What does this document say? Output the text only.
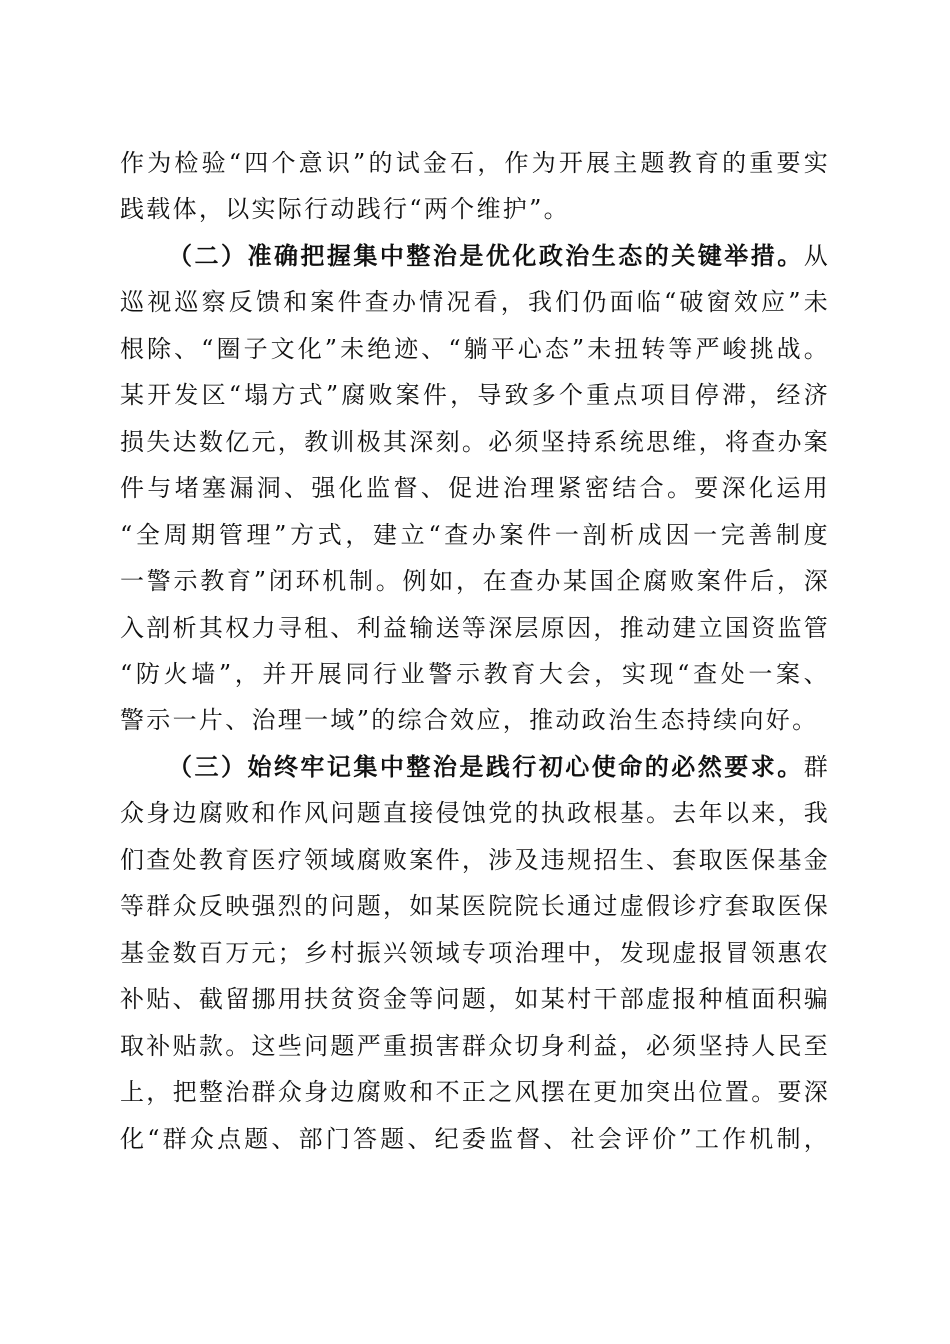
作为检验“四个意识”的试金石，作为开展主题教育的重要实
践载体，以实际行动践行“两个维护”。
（二）准确把握集中整治是优化政治生态的关键举措。从
巡视巡察反馈和案件查办情况看，我们仍面临“破窗效应”未
根除、“圈子文化”未绝迹、“躺平心态”未扭转等严峻挑战。
某开发区“塌方式”腐败案件，导致多个重点项目停滞，经济
损失达数亿元，教训极其深刻。必须坚持系统思维，将查办案
件与堵塞漏洞、强化监督、促进治理紧密结合。要深化运用
“全周期管理”方式，建立“查办案件一剖析成因一完善制度
一警示教育”闭环机制。例如，在查办某国企腐败案件后，深
入剖析其权力寻租、利益输送等深层原因，推动建立国资监管
“防火墙”，并开展同行业警示教育大会，实现“查处一案、
警示一片、治理一域”的综合效应，推动政治生态持续向好。
（三）始终牢记集中整治是践行初心使命的必然要求。群
众身边腐败和作风问题直接侵蚀党的执政根基。去年以来，我
们查处教育医疗领域腐败案件，涉及违规招生、套取医保基金
等群众反映强烈的问题，如某医院院长通过虚假诊疗套取医保
基金数百万元；乡村振兴领域专项治理中，发现虚报冒领惠农
补贴、截留挪用扶贫资金等问题，如某村干部虚报种植面积骗
取补贴款。这些问题严重损害群众切身利益，必须坚持人民至
上，把整治群众身边腐败和不正之风摆在更加突出位置。要深
化“群众点题、部门答题、纪委监督、社会评价”工作机制，
